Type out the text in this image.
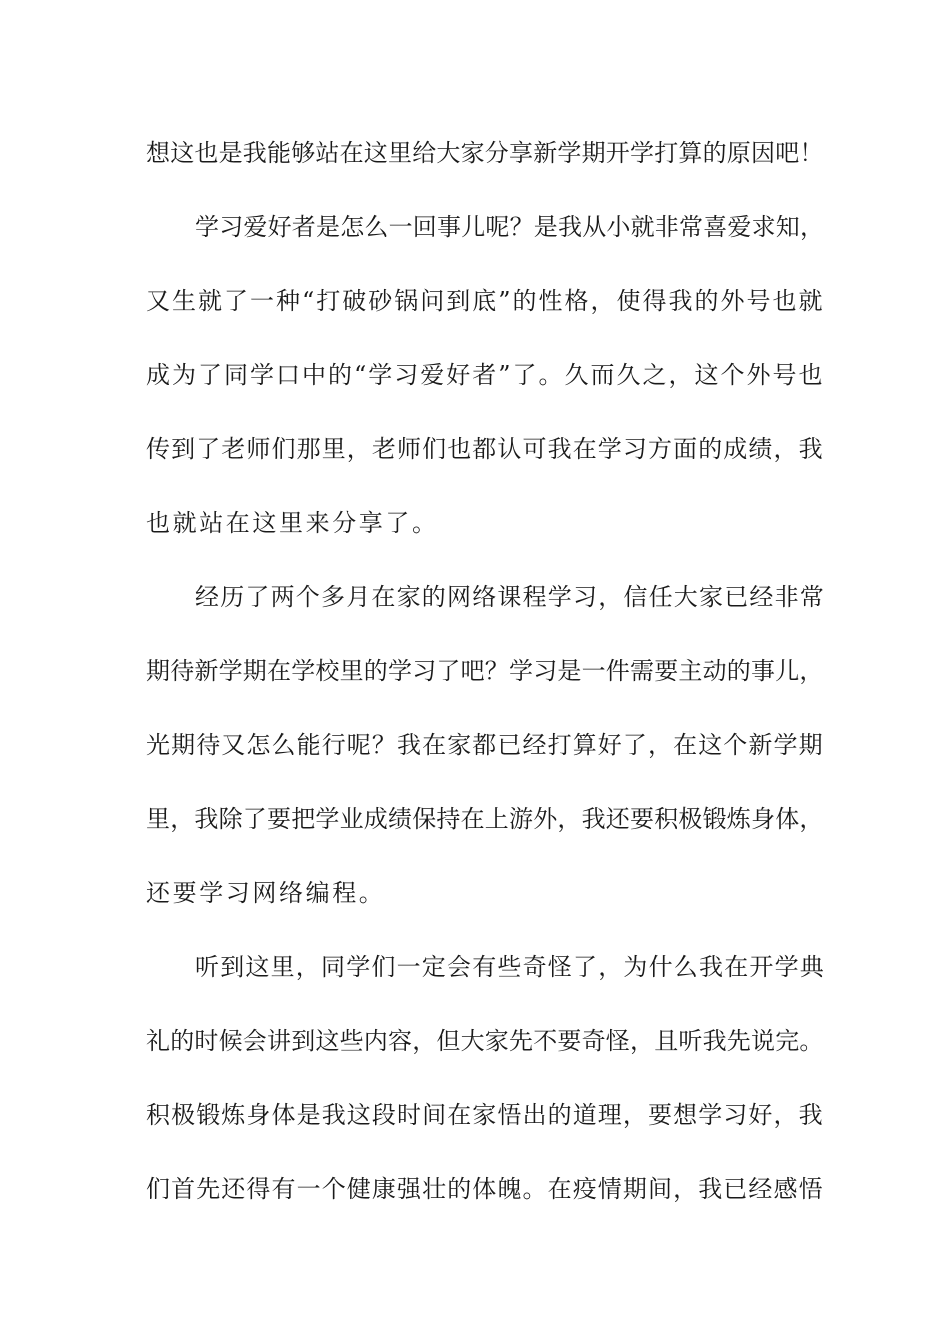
想这也是我能够站在这里给大家分享新学期开学打算的原因吧！
学习爱好者是怎么一回事儿呢？是我从小就非常喜爱求知，
又生就了一种“打破砂锅问到底”的性格，使得我的外号也就
成为了同学口中的“学习爱好者”了。久而久之，这个外号也
传到了老师们那里，老师们也都认可我在学习方面的成绩，我
也就站在这里来分享了。
经历了两个多月在家的网络课程学习，信任大家已经非常
期待新学期在学校里的学习了吧？学习是一件需要主动的事儿，
光期待又怎么能行呢？我在家都已经打算好了，在这个新学期
里，我除了要把学业成绩保持在上游外，我还要积极锻炼身体，
还要学习网络编程。
听到这里，同学们一定会有些奇怪了，为什么我在开学典
礼的时候会讲到这些内容，但大家先不要奇怪，且听我先说完。
积极锻炼身体是我这段时间在家悟出的道理，要想学习好，我
们首先还得有一个健康强壮的体魄。在疫情期间，我已经感悟
